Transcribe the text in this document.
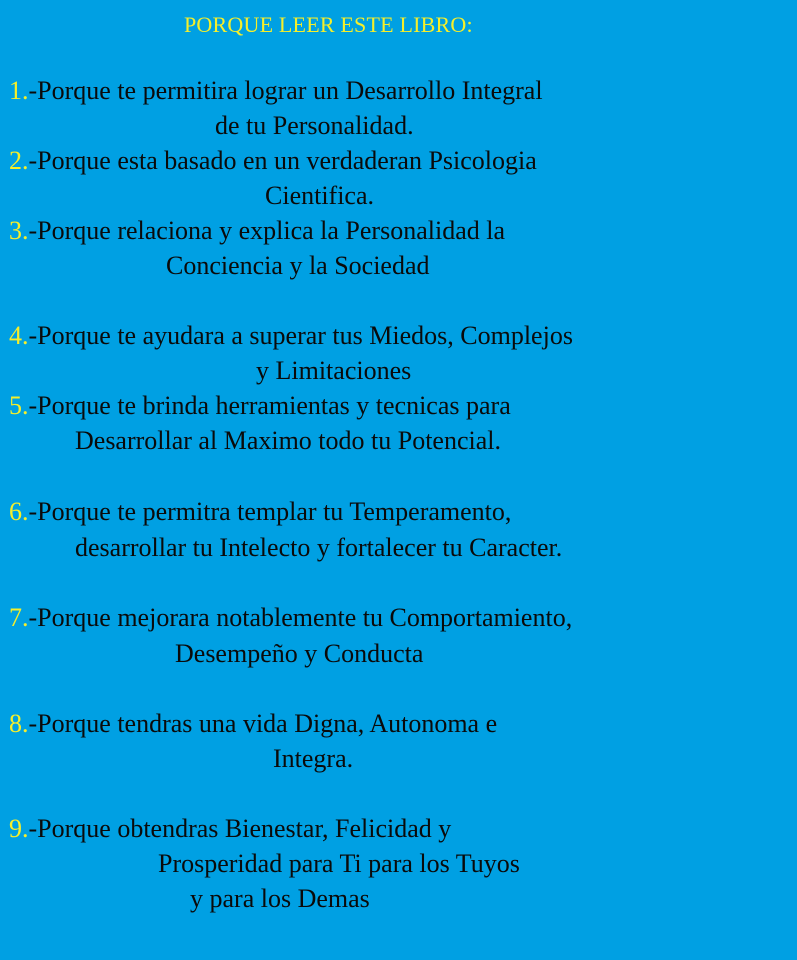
PORQUE LEER ESTE LIBRO:
1.-Porque te permitira lograr un Desarrollo Integral
de tu Personalidad.
2.-Porque esta basado en un verdaderan Psicologia
Cientifica.
3.-Porque relaciona y explica la Personalidad la
Conciencia y la Sociedad
4.-Porque te ayudara a superar tus Miedos, Complejos
y Limitaciones
5.-Porque te brinda herramientas y tecnicas para
Desarrollar al Maximo todo tu Potencial.
6.-Porque te permitra templar tu Temperamento,
desarrollar tu Intelecto y fortalecer tu Caracter.
7.-Porque mejorara notablemente tu Comportamiento,
Desempeño y Conducta
8.-Porque tendras una vida Digna, Autonoma e
Integra.
9.-Porque obtendras Bienestar, Felicidad y
Prosperidad para Ti para los Tuyos
y para los Demas
